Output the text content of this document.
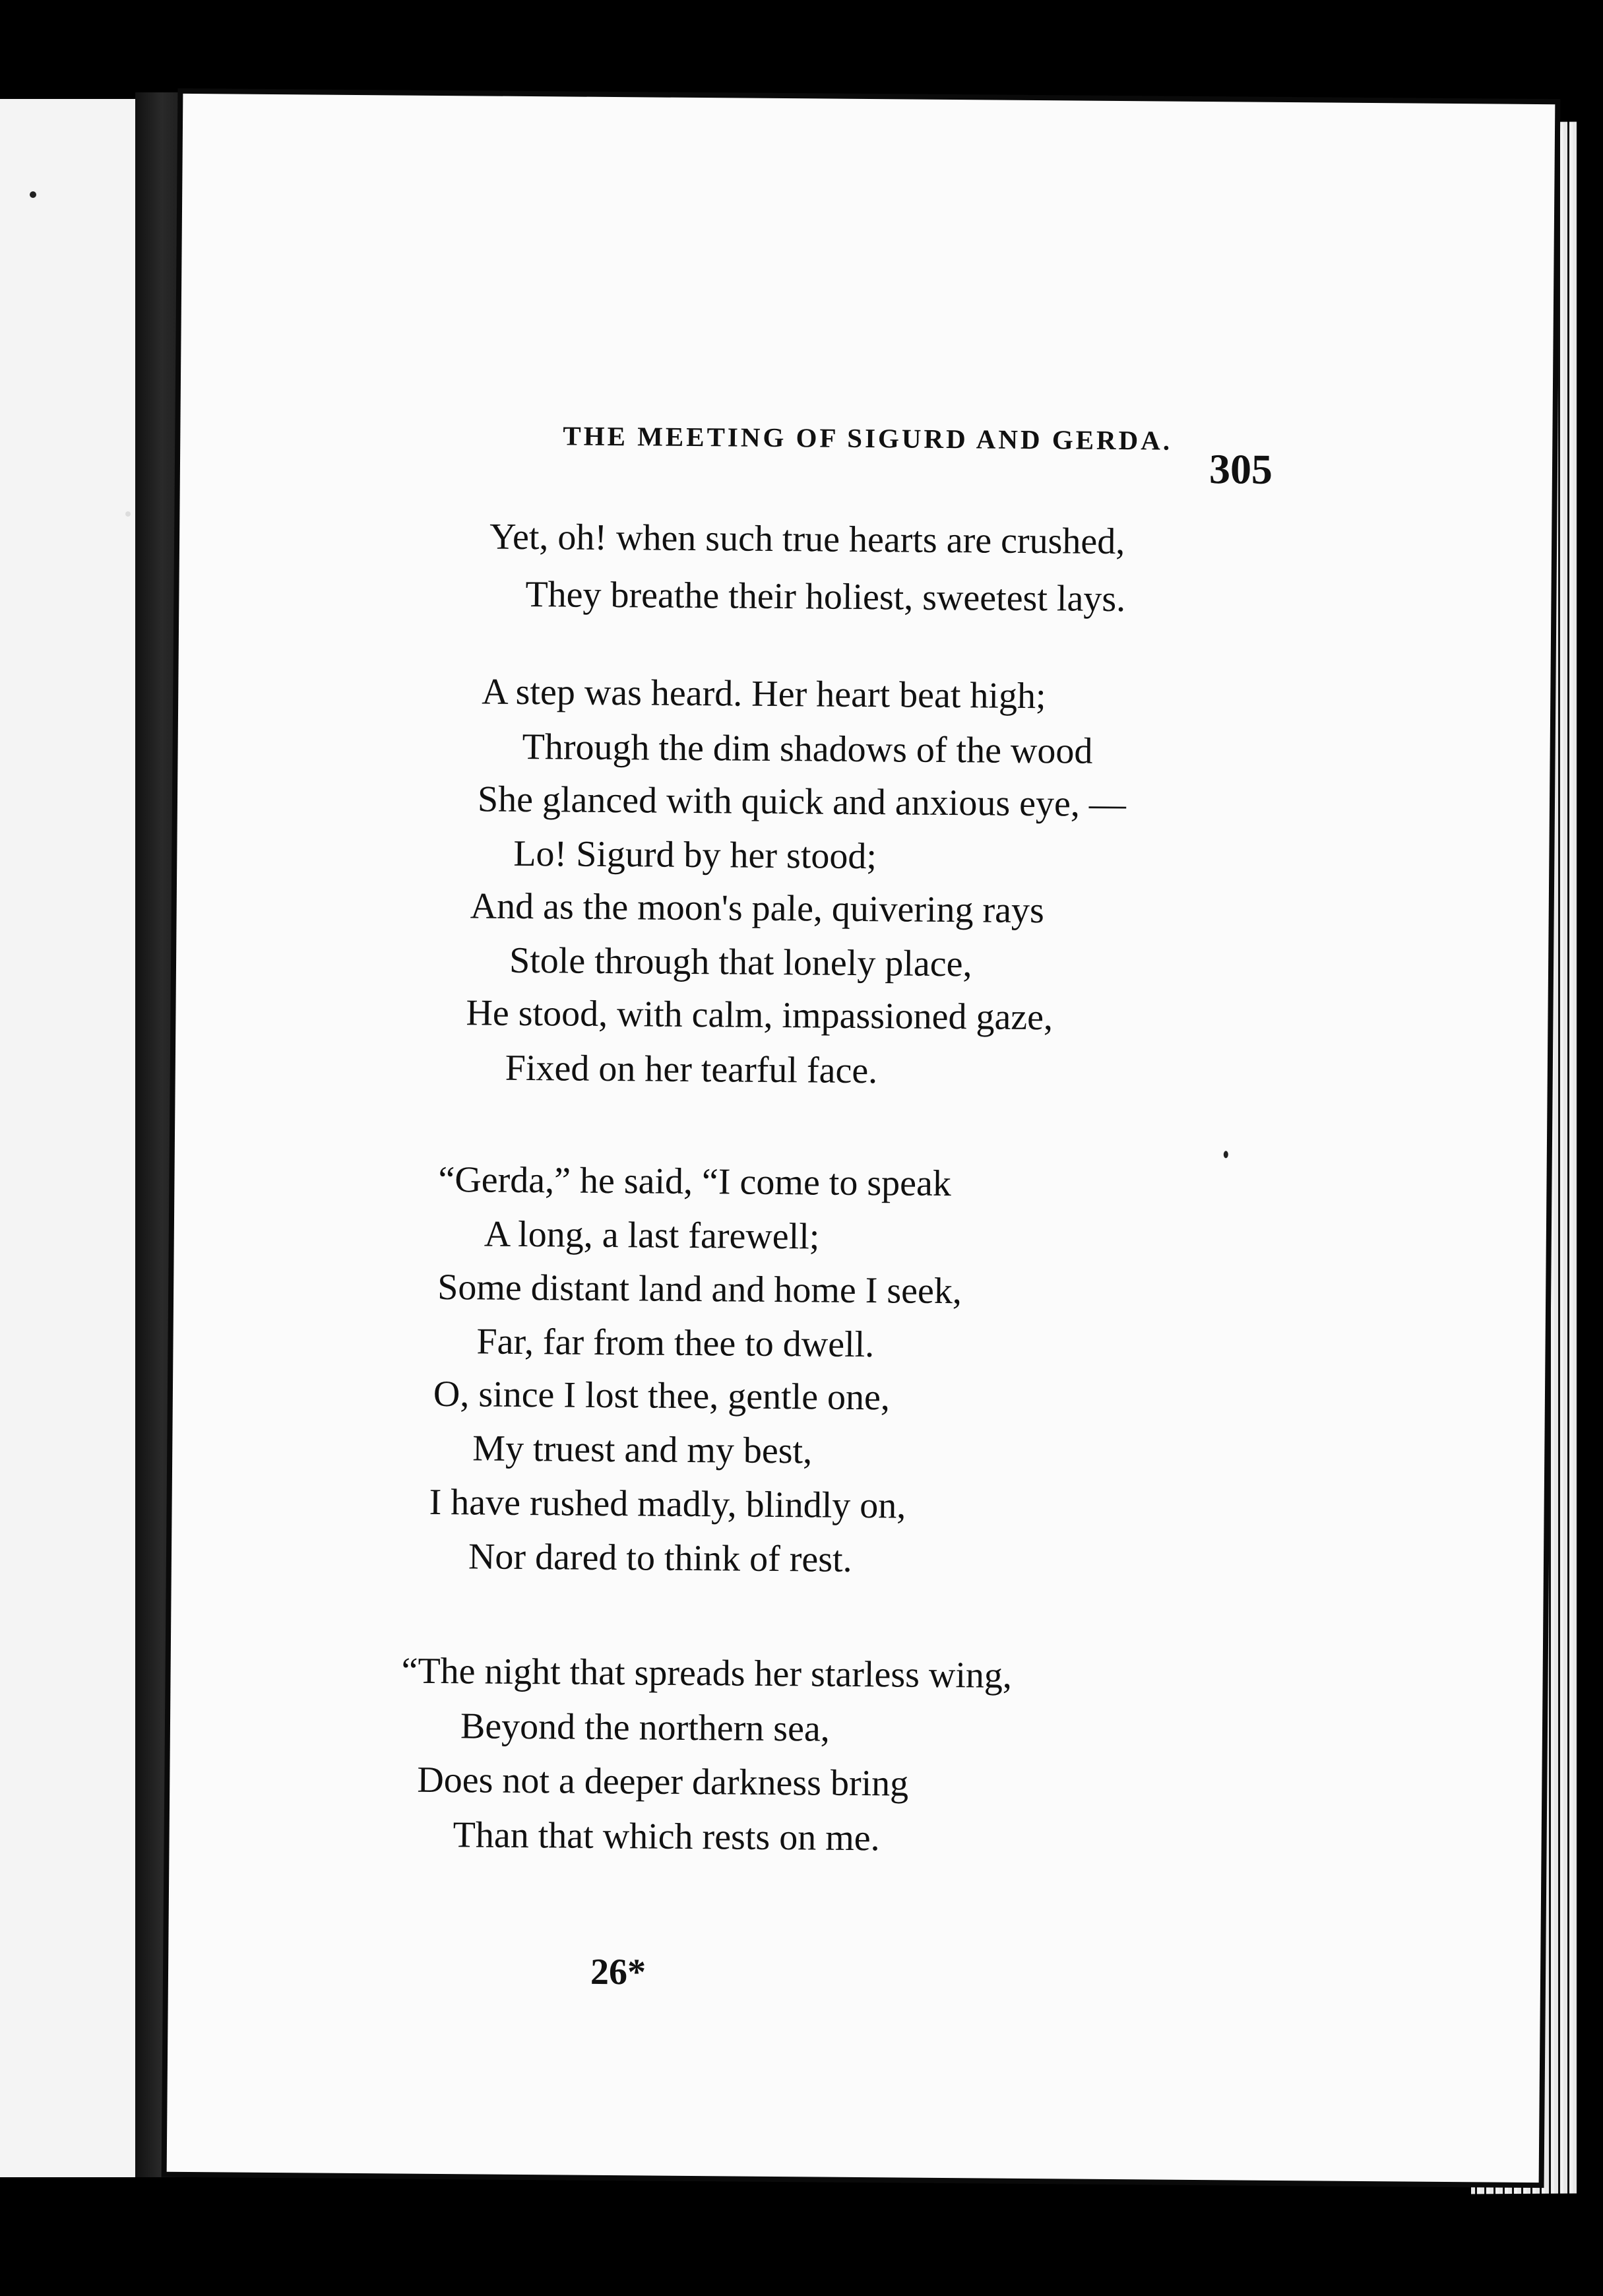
THE MEETING OF SIGURD AND GERDA.
305
Yet, oh! when such true hearts are crushed,
They breathe their holiest, sweetest lays.
A step was heard. Her heart beat high;
Through the dim shadows of the wood
She glanced with quick and anxious eye, —
Lo! Sigurd by her stood;
And as the moon's pale, quivering rays
Stole through that lonely place,
He stood, with calm, impassioned gaze,
Fixed on her tearful face.
“Gerda,” he said, “I come to speak
A long, a last farewell;
Some distant land and home I seek,
Far, far from thee to dwell.
O, since I lost thee, gentle one,
My truest and my best,
I have rushed madly, blindly on,
Nor dared to think of rest.
“The night that spreads her starless wing,
Beyond the northern sea,
Does not a deeper darkness bring
Than that which rests on me.
26*
